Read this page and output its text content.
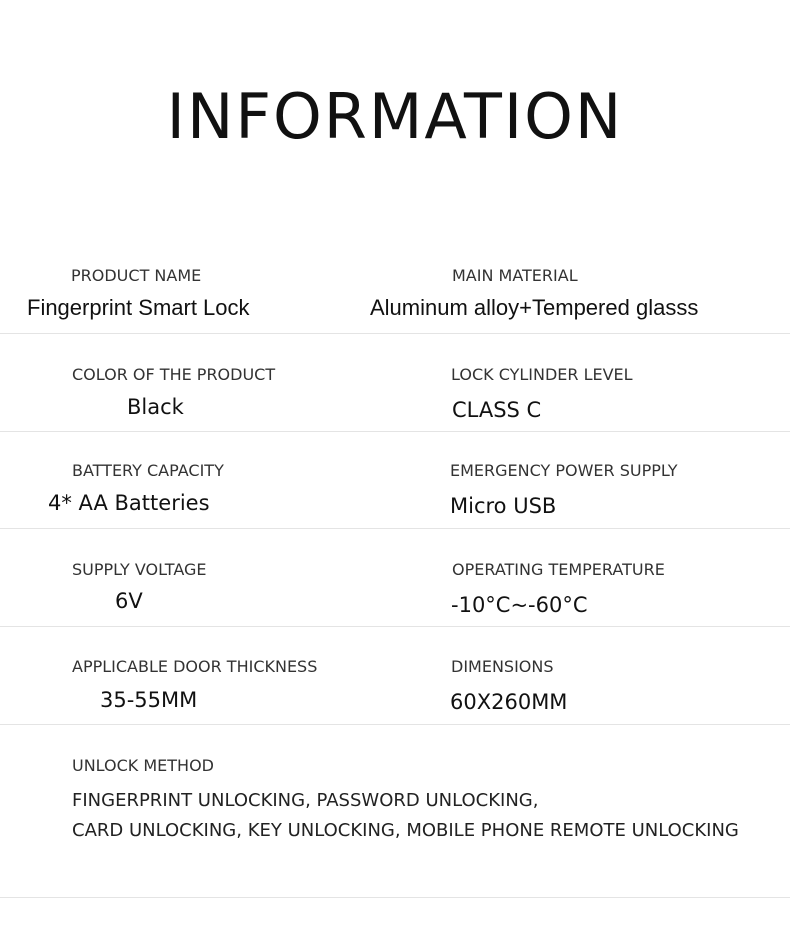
INFORMATION
PRODUCT NAME
Fingerprint Smart Lock
MAIN MATERIAL
Aluminum alloy+Tempered glasss
COLOR OF THE PRODUCT
Black
LOCK CYLINDER LEVEL
CLASS C
BATTERY CAPACITY
4* AA Batteries
EMERGENCY POWER SUPPLY
Micro USB
SUPPLY VOLTAGE
6V
OPERATING TEMPERATURE
-10°C~-60°C
APPLICABLE DOOR THICKNESS
35-55MM
DIMENSIONS
60X260MM
UNLOCK METHOD
FINGERPRINT UNLOCKING, PASSWORD UNLOCKING,
CARD UNLOCKING, KEY UNLOCKING, MOBILE PHONE REMOTE UNLOCKING
